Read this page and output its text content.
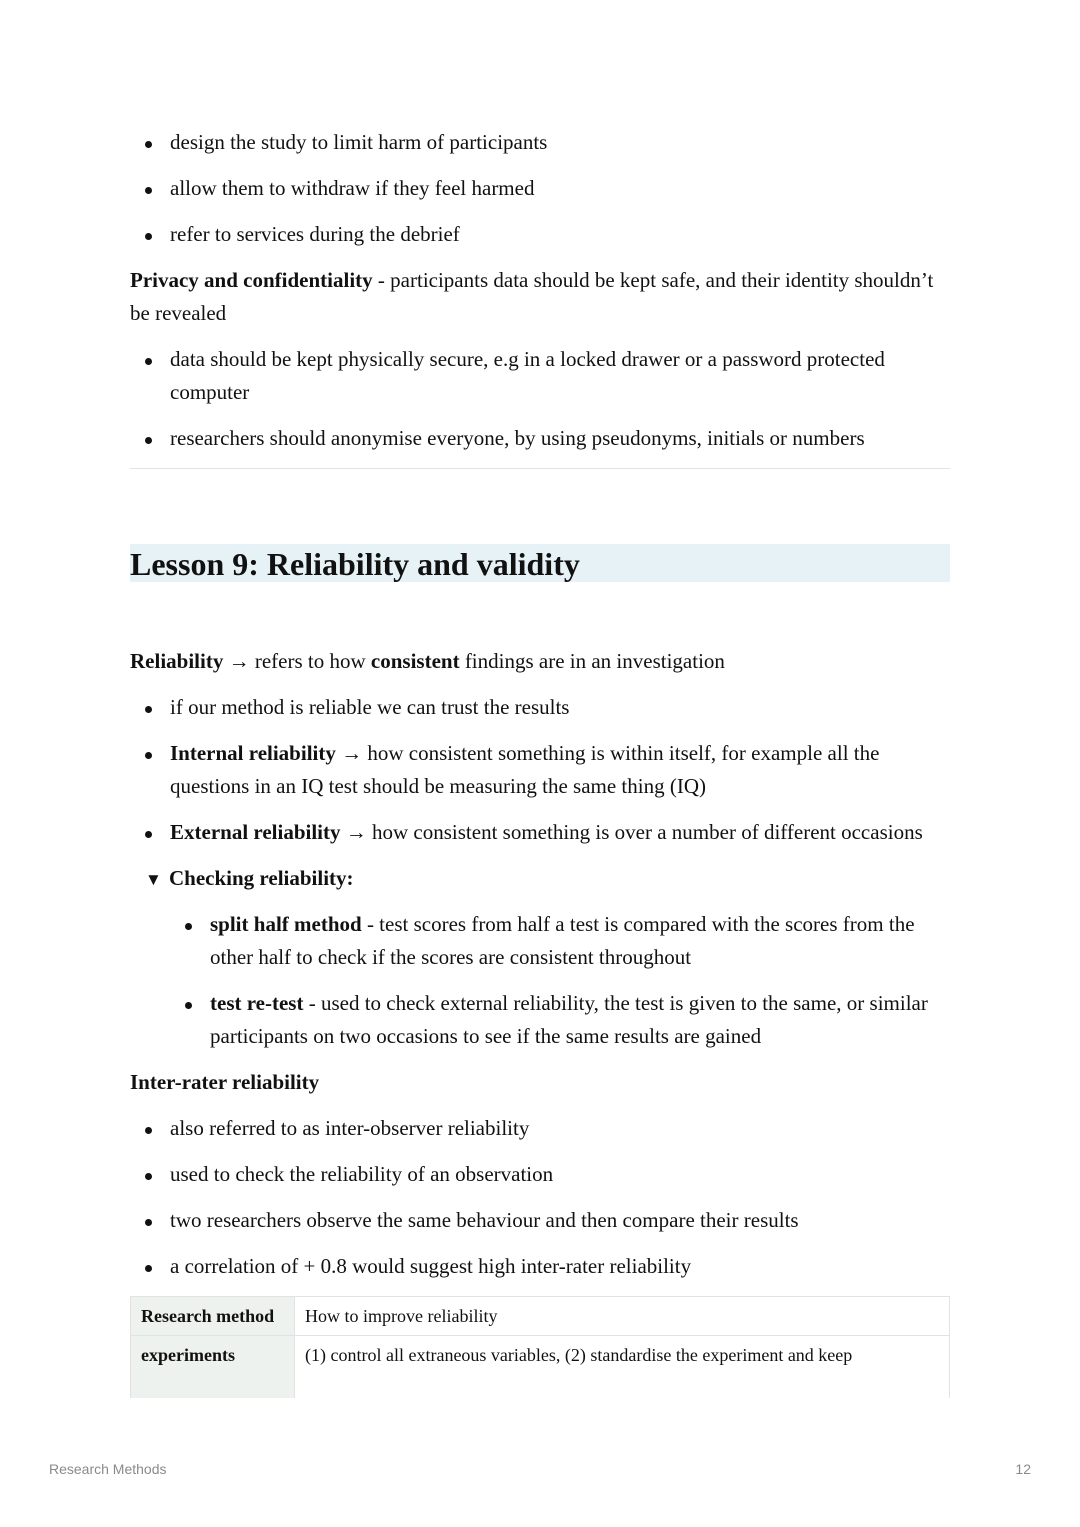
design the study to limit harm of participants
allow them to withdraw if they feel harmed
refer to services during the debrief

Privacy and confidentiality - participants data should be kept safe, and their identity shouldn’t be revealed

data should be kept physically secure, e.g in a locked drawer or a password protected computer
researchers should anonymise everyone, by using pseudonyms, initials or numbers
Lesson 9: Reliability and validity

Reliability → refers to how consistent findings are in an investigation

if our method is reliable we can trust the results
Internal reliability → how consistent something is within itself, for example all the questions in an IQ test should be measuring the same thing (IQ)
External reliability → how consistent something is over a number of different occasions
▼ Checking reliability:
split half method - test scores from half a test is compared with the scores from the other half to check if the scores are consistent throughout
test re-test - used to check external reliability, the test is given to the same, or similar participants on two occasions to see if the same results are gained

Inter-rater reliability

also referred to as inter-observer reliability
used to check the reliability of an observation
two researchers observe the same behaviour and then compare their results
a correlation of + 0.8 would suggest high inter-rater reliability
Research method	How to improve reliability
experiments	(1) control all extraneous variables, (2) standardise the experiment and keep
Research Methods	12
